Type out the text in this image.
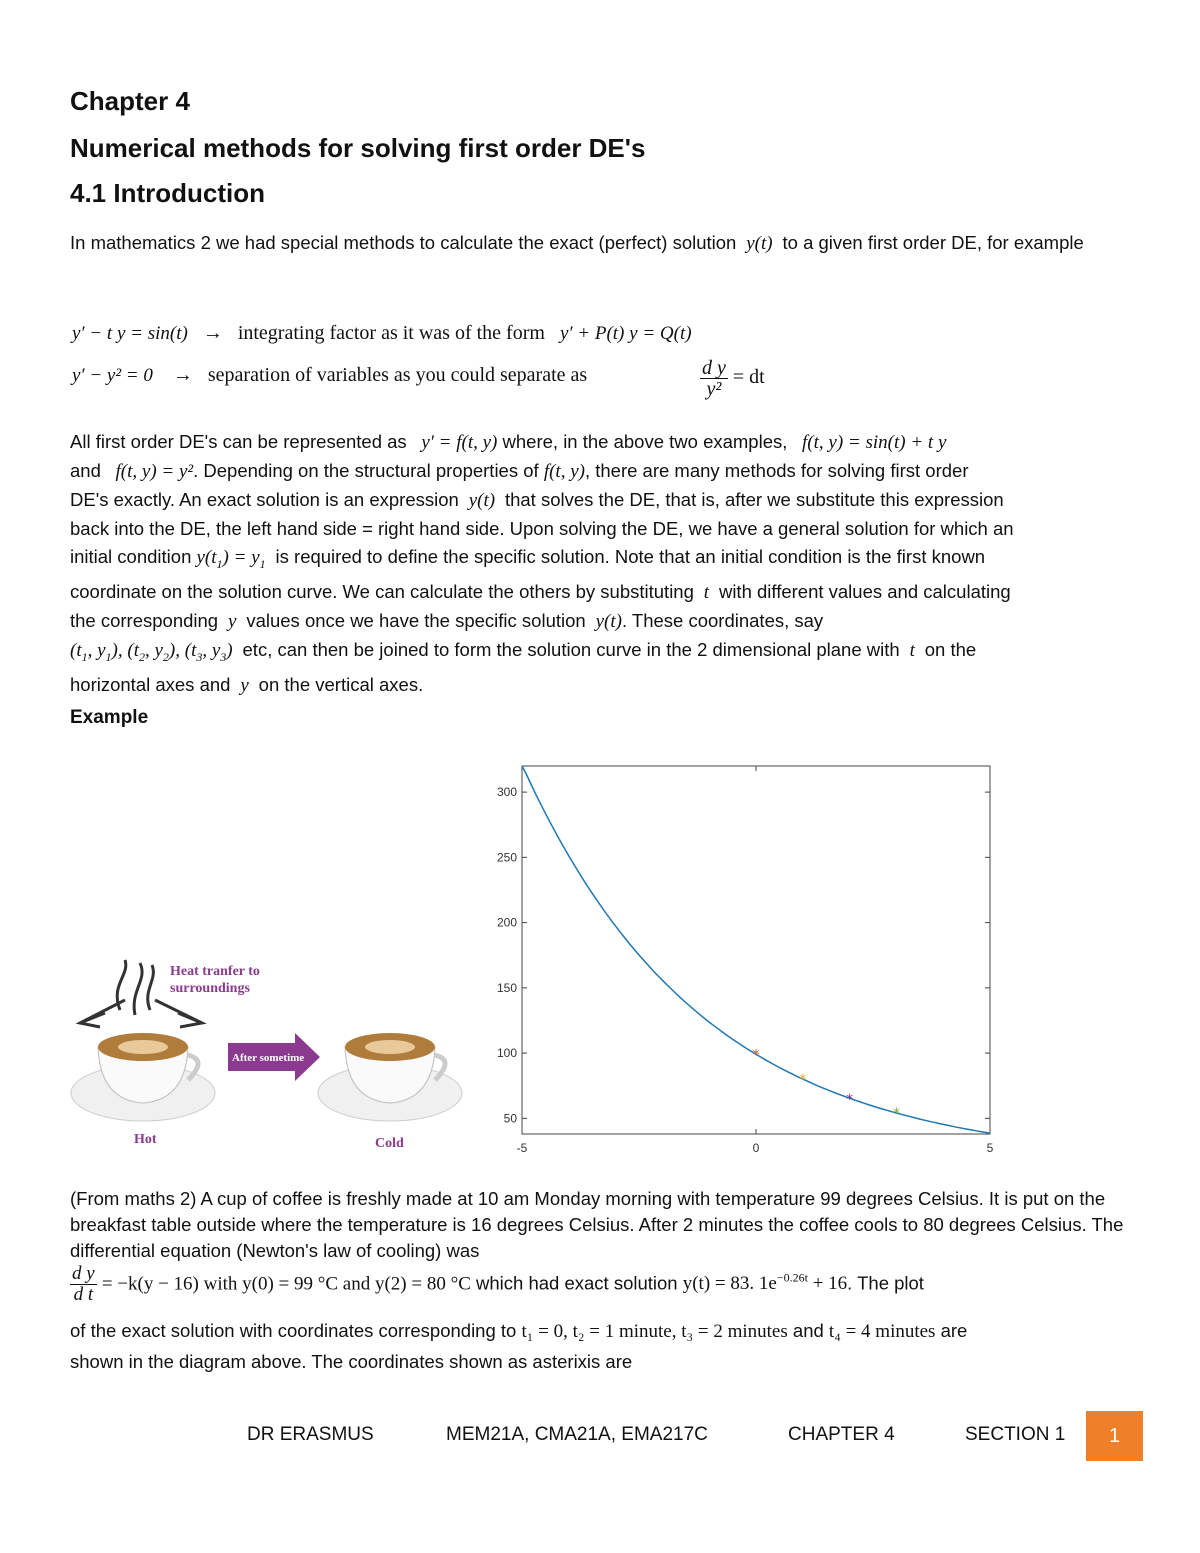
Chapter 4
Numerical methods for solving first order DE's
4.1 Introduction

In mathematics 2 we had special methods to calculate the exact (perfect) solution  y(t)  to a given first order DE, for example

y′ − t y = sin(t) → integrating factor as it was of the form y′ + P(t) y = Q(t)
y′ − y² = 0 → separation of variables as you could separate as	$\frac{\text{d y}}{\text{y²}}$ = dt

All first order DE's can be represented as   y′ = f(t, y) where, in the above two examples,   f(t, y) = sin(t) + t y
and   f(t, y) = y². Depending on the structural properties of f(t, y), there are many methods for solving first order
DE's exactly. An exact solution is an expression  y(t)  that solves the DE, that is, after we substitute this expression
back into the DE, the left hand side = right hand side. Upon solving the DE, we have a general solution for which an
initial condition $y(t_1) = y_1$ is required to define the specific solution. Note that an initial condition is the first known
coordinate on the solution curve. We can calculate the others by substituting  t  with different values and calculating
the corresponding  y  values once we have the specific solution  y(t). These coordinates, say
($t_1$, $y_1$), ($t_2$, $y_2$), ($t_3$, $y_3$)  etc, can then be joined to form the solution curve in the 2 dimensional plane with  t  on the
horizontal axes and  y  on the vertical axes.

Example
Heat tranfer to
surroundings
After sometime
Hot	Cold
50
100
150
200
250
300
-5	0	5
*
*
*
*

(From maths 2) A cup of coffee is freshly made at 10 am Monday morning with temperature 99 degrees Celsius. It is put on the breakfast table outside where the temperature is 16 degrees Celsius. After 2 minutes the coffee cools to 80 degrees Celsius. The differential equation (Newton's law of cooling) was

$\frac{\text{d y}}{\text{d t}} = -k(y - 16)$ with y(0) = 99 °C and y(2) = 80 °C which had exact solution y(t) = 83. $1e^{-0.26t} + 16$. The plot

of the exact solution with coordinates corresponding to t₁ = 0, t₂ = 1 minute, t₃ = 2 minutes and t₄ = 4 minutes are
shown in the diagram above. The coordinates shown as asterixis are

DR ERASMUS	MEM21A, CMA21A, EMA217C	CHAPTER 4	SECTION 1	1
